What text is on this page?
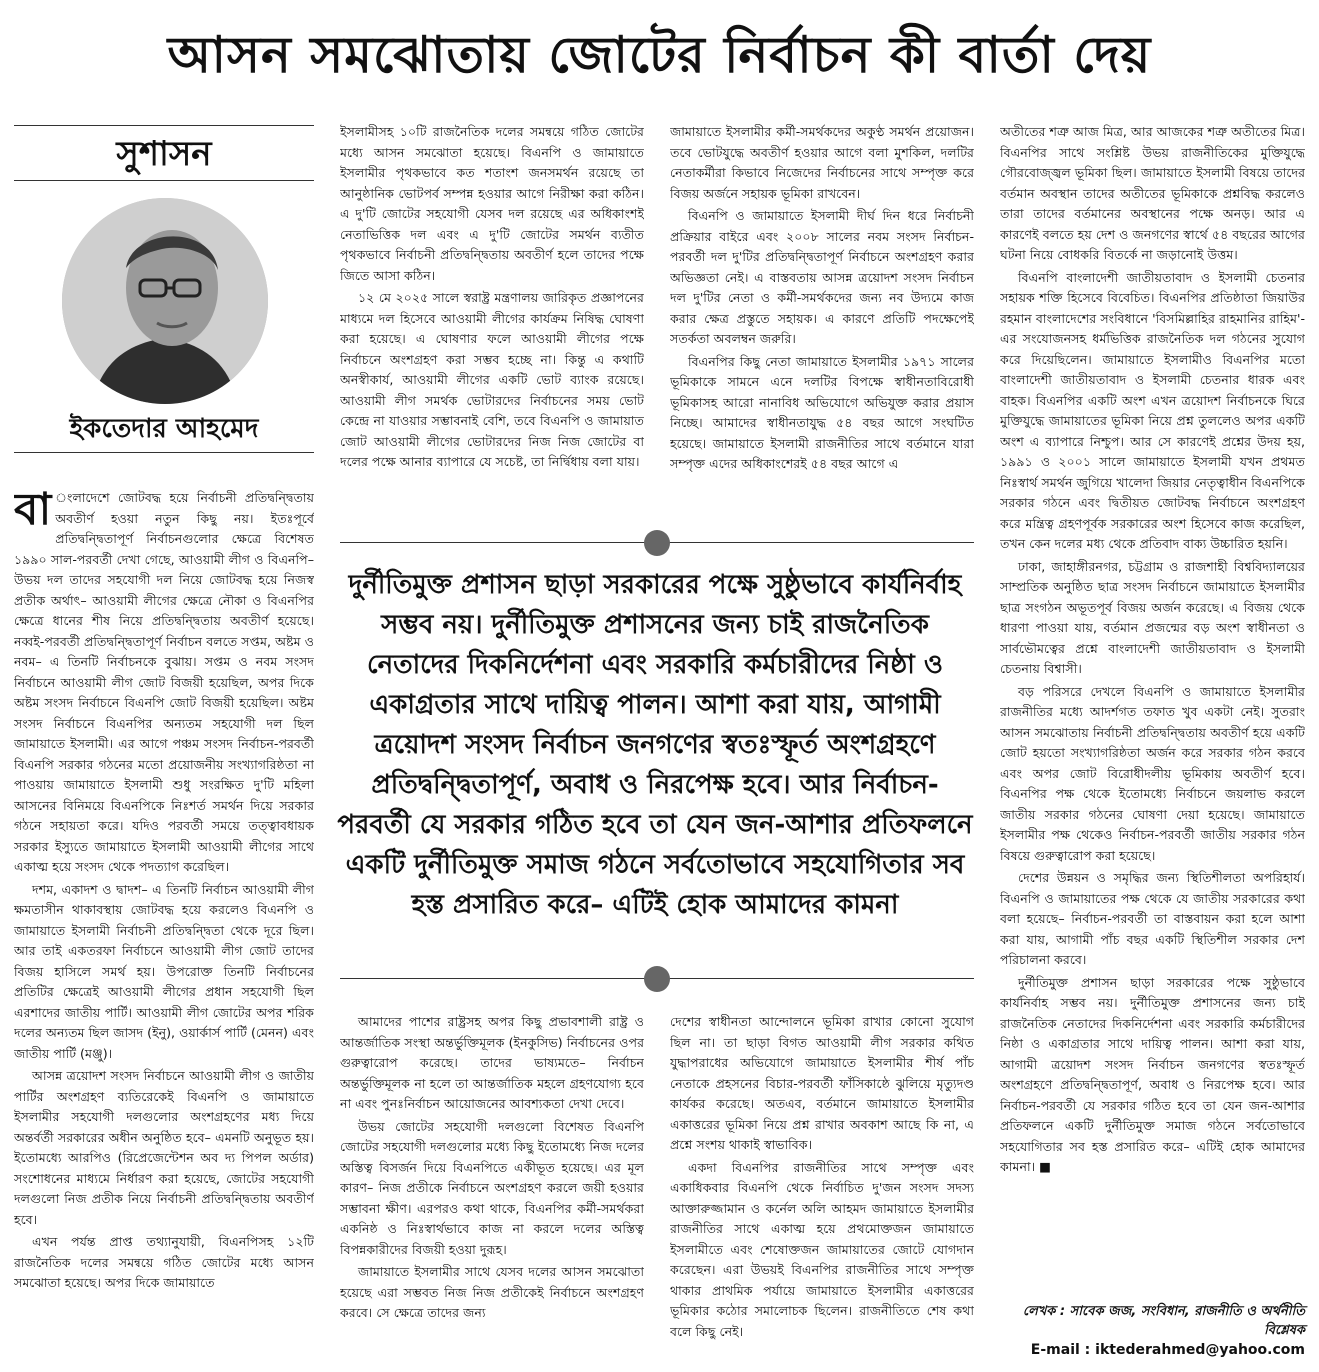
আসন সমঝোতায় জোটের নির্বাচন কী বার্তা দেয়
সুশাসন
ইকতেদার আহমেদ

বা ংলাদেশে জোটবদ্ধ হয়ে নির্বাচনী প্রতিদ্বন্দ্বিতায় অবতীর্ণ হওয়া নতুন কিছু নয়। ইতঃপূর্বে প্রতিদ্বন্দ্বিতাপূর্ণ নির্বাচনগুলোর ক্ষেত্রে বিশেষত ১৯৯০ সাল-পরবর্তী দেখা গেছে, আওয়ামী লীগ ও বিএনপি– উভয় দল তাদের সহযোগী দল নিয়ে জোটবদ্ধ হয়ে নিজস্ব প্রতীক অর্থাৎ– আওয়ামী লীগের ক্ষেত্রে নৌকা ও বিএনপির ক্ষেত্রে ধানের শীষ নিয়ে প্রতিদ্বন্দ্বিতায় অবতীর্ণ হয়েছে। নব্বই-পরবর্তী প্রতিদ্বন্দ্বিতাপূর্ণ নির্বাচন বলতে সপ্তম, অষ্টম ও নবম– এ তিনটি নির্বাচনকে বুঝায়। সপ্তম ও নবম সংসদ নির্বাচনে আওয়ামী লীগ জোট বিজয়ী হয়েছিল, অপর দিকে অষ্টম সংসদ নির্বাচনে বিএনপি জোট বিজয়ী হয়েছিল। অষ্টম সংসদ নির্বাচনে বিএনপির অন্যতম সহযোগী দল ছিল জামায়াতে ইসলামী। এর আগে পঞ্চম সংসদ নির্বাচন-পরবর্তী বিএনপি সরকার গঠনের মতো প্রয়োজনীয় সংখ্যাগরিষ্ঠতা না পাওয়ায় জামায়াতে ইসলামী শুধু সংরক্ষিত দু'টি মহিলা আসনের বিনিময়ে বিএনপিকে নিঃশর্ত সমর্থন দিয়ে সরকার গঠনে সহায়তা করে। যদিও পরবর্তী সময়ে তত্ত্বাবধায়ক সরকার ইস্যুতে জামায়াতে ইসলামী আওয়ামী লীগের সাথে একাত্ম হয়ে সংসদ থেকে পদত্যাগ করেছিল।

দশম, একাদশ ও দ্বাদশ– এ তিনটি নির্বাচন আওয়ামী লীগ ক্ষমতাসীন থাকাবস্থায় জোটবদ্ধ হয়ে করলেও বিএনপি ও জামায়াতে ইসলামী নির্বাচনী প্রতিদ্বন্দ্বিতা থেকে দূরে ছিল। আর তাই একতরফা নির্বাচনে আওয়ামী লীগ জোট তাদের বিজয় হাসিলে সমর্থ হয়। উপরোক্ত তিনটি নির্বাচনের প্রতিটির ক্ষেত্রেই আওয়ামী লীগের প্রধান সহযোগী ছিল এরশাদের জাতীয় পার্টি। আওয়ামী লীগ জোটের অপর শরিক দলের অন্যতম ছিল জাসদ (ইনু), ওয়ার্কার্স পার্টি (মেনন) এবং জাতীয় পার্টি (মঞ্জু)।

আসন্ন ত্রয়োদশ সংসদ নির্বাচনে আওয়ামী লীগ ও জাতীয় পার্টির অংশগ্রহণ ব্যতিরেকেই বিএনপি ও জামায়াতে ইসলামীর সহযোগী দলগুলোর অংশগ্রহণের মধ্য দিয়ে অন্তর্বর্তী সরকারের অধীন অনুষ্ঠিত হবে– এমনটি অনুভূত হয়। ইতোমধ্যে আরপিও (রিপ্রেজেন্টেশন অব দ্য পিপল অর্ডার) সংশোধনের মাধ্যমে নির্ধারণ করা হয়েছে, জোটের সহযোগী দলগুলো নিজ প্রতীক নিয়ে নির্বাচনী প্রতিদ্বন্দ্বিতায় অবতীর্ণ হবে।

এখন পর্যন্ত প্রাপ্ত তথ্যানুযায়ী, বিএনপিসহ ১২টি রাজনৈতিক দলের সমন্বয়ে গঠিত জোটের মধ্যে আসন সমঝোতা হয়েছে। অপর দিকে জামায়াতে

ইসলামীসহ ১০টি রাজনৈতিক দলের সমন্বয়ে গঠিত জোটের মধ্যে আসন সমঝোতা হয়েছে। বিএনপি ও জামায়াতে ইসলামীর পৃথকভাবে কত শতাংশ জনসমর্থন রয়েছে তা আনুষ্ঠানিক ভোটপর্ব সম্পন্ন হওয়ার আগে নিরীক্ষা করা কঠিন। এ দু'টি জোটের সহযোগী যেসব দল রয়েছে এর অধিকাংশই নেতাভিত্তিক দল এবং এ দু'টি জোটের সমর্থন ব্যতীত পৃথকভাবে নির্বাচনী প্রতিদ্বন্দ্বিতায় অবতীর্ণ হলে তাদের পক্ষে জিতে আসা কঠিন।

১২ মে ২০২৫ সালে স্বরাষ্ট্র মন্ত্রণালয় জারিকৃত প্রজ্ঞাপনের মাধ্যমে দল হিসেবে আওয়ামী লীগের কার্যক্রম নিষিদ্ধ ঘোষণা করা হয়েছে। এ ঘোষণার ফলে আওয়ামী লীগের পক্ষে নির্বাচনে অংশগ্রহণ করা সম্ভব হচ্ছে না। কিন্তু এ কথাটি অনস্বীকার্য, আওয়ামী লীগের একটি ভোট ব্যাংক রয়েছে। আওয়ামী লীগ সমর্থক ভোটারদের নির্বাচনের সময় ভোট কেন্দ্রে না যাওয়ার সম্ভাবনাই বেশি, তবে বিএনপি ও জামায়াত জোট আওয়ামী লীগের ভোটারদের নিজ নিজ জোটের বা দলের পক্ষে আনার ব্যাপারে যে সচেষ্ট, তা নির্দ্বিধায় বলা যায়।

জামায়াতে ইসলামীর কর্মী-সমর্থকদের অকুণ্ঠ সমর্থন প্রয়োজন। তবে ভোটযুদ্ধে অবতীর্ণ হওয়ার আগে বলা মুশকিল, দলটির নেতাকর্মীরা কিভাবে নিজেদের নির্বাচনের সাথে সম্পৃক্ত করে বিজয় অর্জনে সহায়ক ভূমিকা রাখবেন।

বিএনপি ও জামায়াতে ইসলামী দীর্ঘ দিন ধরে নির্বাচনী প্রক্রিয়ার বাইরে এবং ২০০৮ সালের নবম সংসদ নির্বাচন-পরবর্তী দল দু'টির প্রতিদ্বন্দ্বিতাপূর্ণ নির্বাচনে অংশগ্রহণ করার অভিজ্ঞতা নেই। এ বাস্তবতায় আসন্ন ত্রয়োদশ সংসদ নির্বাচন দল দু'টির নেতা ও কর্মী-সমর্থকদের জন্য নব উদ্যমে কাজ করার ক্ষেত্র প্রস্তুতে সহায়ক। এ কারণে প্রতিটি পদক্ষেপেই সতর্কতা অবলম্বন জরুরি।

বিএনপির কিছু নেতা জামায়াতে ইসলামীর ১৯৭১ সালের ভূমিকাকে সামনে এনে দলটির বিপক্ষে স্বাধীনতাবিরোধী ভূমিকাসহ আরো নানাবিধ অভিযোগে অভিযুক্ত করার প্রয়াস নিচ্ছে। আমাদের স্বাধীনতাযুদ্ধ ৫৪ বছর আগে সংঘটিত হয়েছে। জামায়াতে ইসলামী রাজনীতির সাথে বর্তমানে যারা সম্পৃক্ত এদের অধিকাংশেরই ৫৪ বছর আগে এ

দুর্নীতিমুক্ত প্রশাসন ছাড়া সরকারের পক্ষে সুষ্ঠুভাবে কার্যনির্বাহ সম্ভব নয়। দুর্নীতিমুক্ত প্রশাসনের জন্য চাই রাজনৈতিক নেতাদের দিকনির্দেশনা এবং সরকারি কর্মচারীদের নিষ্ঠা ও একাগ্রতার সাথে দায়িত্ব পালন। আশা করা যায়, আগামী ত্রয়োদশ সংসদ নির্বাচন জনগণের স্বতঃস্ফূর্ত অংশগ্রহণে প্রতিদ্বন্দ্বিতাপূর্ণ, অবাধ ও নিরপেক্ষ হবে। আর নির্বাচন-পরবর্তী যে সরকার গঠিত হবে তা যেন জন-আশার প্রতিফলনে একটি দুর্নীতিমুক্ত সমাজ গঠনে সর্বতোভাবে সহযোগিতার সব হস্ত প্রসারিত করে– এটিই হোক আমাদের কামনা

আমাদের পাশের রাষ্ট্রসহ অপর কিছু প্রভাবশালী রাষ্ট্র ও আন্তর্জাতিক সংস্থা অন্তর্ভুক্তিমূলক (ইনকুসিভ) নির্বাচনের ওপর গুরুত্বারোপ করেছে। তাদের ভাষ্যমতে– নির্বাচন অন্তর্ভুক্তিমূলক না হলে তা আন্তর্জাতিক মহলে গ্রহণযোগ্য হবে না এবং পুনঃনির্বাচন আয়োজনের আবশ্যকতা দেখা দেবে।

উভয় জোটের সহযোগী দলগুলো বিশেষত বিএনপি জোটের সহযোগী দলগুলোর মধ্যে কিছু ইতোমধ্যে নিজ দলের অস্তিত্ব বিসর্জন দিয়ে বিএনপিতে একীভূত হয়েছে। এর মূল কারণ– নিজ প্রতীকে নির্বাচনে অংশগ্রহণ করলে জয়ী হওয়ার সম্ভাবনা ক্ষীণ। এরপরও কথা থাকে, বিএনপির কর্মী-সমর্থকরা একনিষ্ঠ ও নিঃস্বার্থভাবে কাজ না করলে দলের অস্তিত্ব বিপন্নকারীদের বিজয়ী হওয়া দুরূহ।

জামায়াতে ইসলামীর সাথে যেসব দলের আসন সমঝোতা হয়েছে এরা সম্ভবত নিজ নিজ প্রতীকেই নির্বাচনে অংশগ্রহণ করবে। সে ক্ষেত্রে তাদের জন্য

দেশের স্বাধীনতা আন্দোলনে ভূমিকা রাখার কোনো সুযোগ ছিল না। তা ছাড়া বিগত আওয়ামী লীগ সরকার কথিত যুদ্ধাপরাধের অভিযোগে জামায়াতে ইসলামীর শীর্ষ পাঁচ নেতাকে প্রহসনের বিচার-পরবর্তী ফাঁসিকাষ্ঠে ঝুলিয়ে মৃত্যুদণ্ড কার্যকর করেছে। অতএব, বর্তমানে জামায়াতে ইসলামীর একাত্তরের ভূমিকা নিয়ে প্রশ্ন রাখার অবকাশ আছে কি না, এ প্রশ্নে সংশয় থাকাই স্বাভাবিক।

একদা বিএনপির রাজনীতির সাথে সম্পৃক্ত এবং একাধিকবার বিএনপি থেকে নির্বাচিত দু'জন সংসদ সদস্য আক্তারুজ্জামান ও কর্নেল অলি আহমদ জামায়াতে ইসলামীর রাজনীতির সাথে একাত্ম হয়ে প্রথমোক্তজন জামায়াতে ইসলামীতে এবং শেষোক্তজন জামায়াতের জোটে যোগদান করেছেন। এরা উভয়ই বিএনপির রাজনীতির সাথে সম্পৃক্ত থাকার প্রাথমিক পর্যায়ে জামায়াতে ইসলামীর একাত্তরের ভূমিকার কঠোর সমালোচক ছিলেন। রাজনীতিতে শেষ কথা বলে কিছু নেই।

অতীতের শত্রু আজ মিত্র, আর আজকের শত্রু অতীতের মিত্র। বিএনপির সাথে সংশ্লিষ্ট উভয় রাজনীতিকের মুক্তিযুদ্ধে গৌরবোজ্জ্বল ভূমিকা ছিল। জামায়াতে ইসলামী বিষয়ে তাদের বর্তমান অবস্থান তাদের অতীতের ভূমিকাকে প্রশ্নবিদ্ধ করলেও তারা তাদের বর্তমানের অবস্থানের পক্ষে অনড়। আর এ কারণেই বলতে হয় দেশ ও জনগণের স্বার্থে ৫৪ বছরের আগের ঘটনা নিয়ে বোধকরি বিতর্কে না জড়ানোই উত্তম।

বিএনপি বাংলাদেশী জাতীয়তাবাদ ও ইসলামী চেতনার সহায়ক শক্তি হিসেবে বিবেচিত। বিএনপির প্রতিষ্ঠাতা জিয়াউর রহমান বাংলাদেশের সংবিধানে 'বিসমিল্লাহির রাহমানির রাহিম'-এর সংযোজনসহ ধর্মভিত্তিক রাজনৈতিক দল গঠনের সুযোগ করে দিয়েছিলেন। জামায়াতে ইসলামীও বিএনপির মতো বাংলাদেশী জাতীয়তাবাদ ও ইসলামী চেতনার ধারক এবং বাহক। বিএনপির একটি অংশ এখন ত্রয়োদশ নির্বাচনকে ঘিরে মুক্তিযুদ্ধে জামায়াতের ভূমিকা নিয়ে প্রশ্ন তুললেও অপর একটি অংশ এ ব্যাপারে নিশ্চুপ। আর সে কারণেই প্রশ্নের উদয় হয়, ১৯৯১ ও ২০০১ সালে জামায়াতে ইসলামী যখন প্রথমত নিঃস্বার্থ সমর্থন জুগিয়ে খালেদা জিয়ার নেতৃত্বাধীন বিএনপিকে সরকার গঠনে এবং দ্বিতীয়ত জোটবদ্ধ নির্বাচনে অংশগ্রহণ করে মন্ত্রিত্ব গ্রহণপূর্বক সরকারের অংশ হিসেবে কাজ করেছিল, তখন কেন দলের মধ্য থেকে প্রতিবাদ বাক্য উচ্চারিত হয়নি।

ঢাকা, জাহাঙ্গীরনগর, চট্টগ্রাম ও রাজশাহী বিশ্ববিদ্যালয়ের সাম্প্রতিক অনুষ্ঠিত ছাত্র সংসদ নির্বাচনে জামায়াতে ইসলামীর ছাত্র সংগঠন অভূতপূর্ব বিজয় অর্জন করেছে। এ বিজয় থেকে ধারণা পাওয়া যায়, বর্তমান প্রজন্মের বড় অংশ স্বাধীনতা ও সার্বভৌমত্বের প্রশ্নে বাংলাদেশী জাতীয়তাবাদ ও ইসলামী চেতনায় বিশ্বাসী।

বড় পরিসরে দেখলে বিএনপি ও জামায়াতে ইসলামীর রাজনীতির মধ্যে আদর্শগত তফাত খুব একটা নেই। সুতরাং আসন সমঝোতায় নির্বাচনী প্রতিদ্বন্দ্বিতায় অবতীর্ণ হয়ে একটি জোট হয়তো সংখ্যাগরিষ্ঠতা অর্জন করে সরকার গঠন করবে এবং অপর জোট বিরোধীদলীয় ভূমিকায় অবতীর্ণ হবে। বিএনপির পক্ষ থেকে ইতোমধ্যে নির্বাচনে জয়লাভ করলে জাতীয় সরকার গঠনের ঘোষণা দেয়া হয়েছে। জামায়াতে ইসলামীর পক্ষ থেকেও নির্বাচন-পরবর্তী জাতীয় সরকার গঠন বিষয়ে গুরুত্বারোপ করা হয়েছে।

দেশের উন্নয়ন ও সমৃদ্ধির জন্য স্থিতিশীলতা অপরিহার্য। বিএনপি ও জামায়াতের পক্ষ থেকে যে জাতীয় সরকারের কথা বলা হয়েছে– নির্বাচন-পরবর্তী তা বাস্তবায়ন করা হলে আশা করা যায়, আগামী পাঁচ বছর একটি স্থিতিশীল সরকার দেশ পরিচালনা করবে।

দুর্নীতিমুক্ত প্রশাসন ছাড়া সরকারের পক্ষে সুষ্ঠুভাবে কার্যনির্বাহ সম্ভব নয়। দুর্নীতিমুক্ত প্রশাসনের জন্য চাই রাজনৈতিক নেতাদের দিকনির্দেশনা এবং সরকারি কর্মচারীদের নিষ্ঠা ও একাগ্রতার সাথে দায়িত্ব পালন। আশা করা যায়, আগামী ত্রয়োদশ সংসদ নির্বাচন জনগণের স্বতঃস্ফূর্ত অংশগ্রহণে প্রতিদ্বন্দ্বিতাপূর্ণ, অবাধ ও নিরপেক্ষ হবে। আর নির্বাচন-পরবর্তী যে সরকার গঠিত হবে তা যেন জন-আশার প্রতিফলনে একটি দুর্নীতিমুক্ত সমাজ গঠনে সর্বতোভাবে সহযোগিতার সব হস্ত প্রসারিত করে– এটিই হোক আমাদের কামনা। ■

লেখক : সাবেক জজ, সংবিধান, রাজনীতি ও অর্থনীতি বিশ্লেষক
E-mail : iktederahmed@yahoo.com
